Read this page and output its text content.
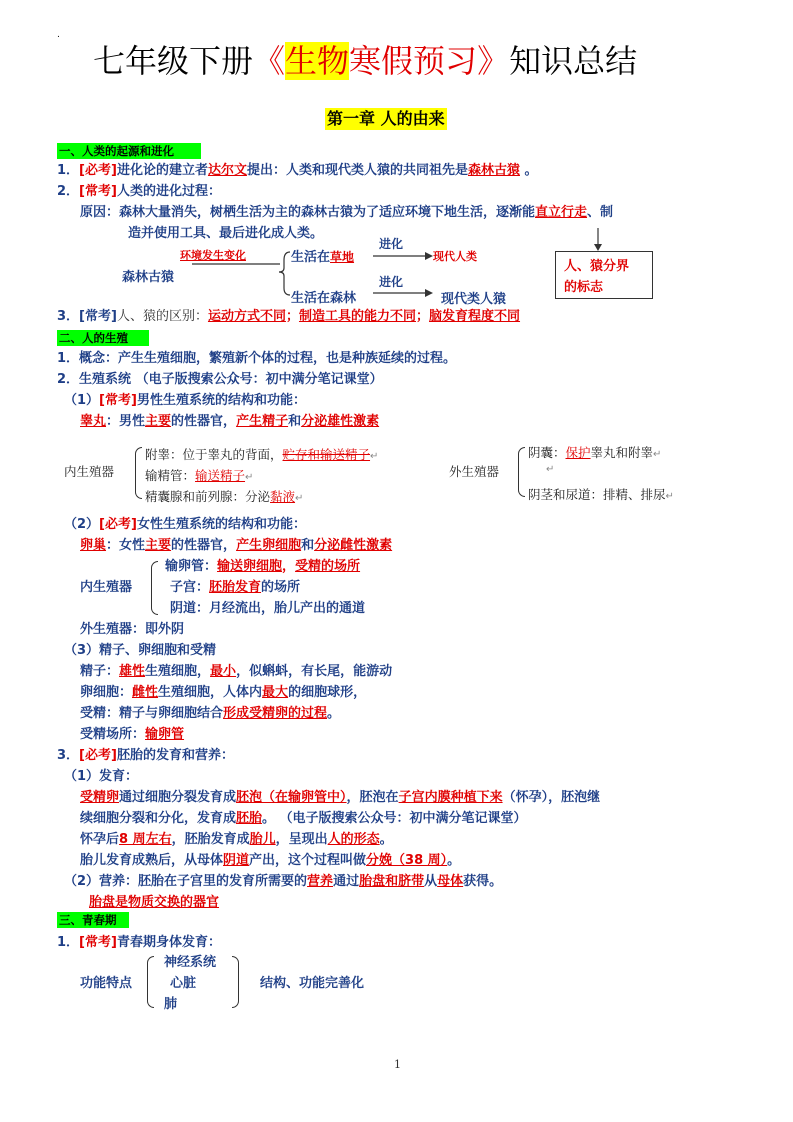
.
七年级下册《生物寒假预习》知识总结
第一章 人的由来
一、人类的起源和进化
1．[必考]进化论的建立者达尔文提出：人类和现代类人猿的共同祖先是森林古猿 。
2．[常考]人类的进化过程：
原因：森林大量消失，树栖生活为主的森林古猿为了适应环境下地生活，逐渐能直立行走、制
造并使用工具、最后进化成人类。
环境发生变化
森林古猿
生活在草地
进化
现代人类
进化
生活在森林	现代类人猿
人、猿分界
的标志
3．[常考]人、猿的区别：运动方式不同；制造工具的能力不同；脑发育程度不同
二、人的生殖
1．概念：产生生殖细胞，繁殖新个体的过程，也是种族延续的过程。
2．生殖系统 （电子版搜索公众号：初中满分笔记课堂）
（1）[常考]男性生殖系统的结构和功能：
睾丸：男性主要的性器官，产生精子和分泌雄性激素
内生殖器
附睾：位于睾丸的背面，贮存和输送精子↵
输精管：输送精子↵
精囊腺和前列腺：分泌黏液↵
外生殖器
阴囊：保护睾丸和附睾↵
↵
阴茎和尿道：排精、排尿↵
（2）[必考]女性生殖系统的结构和功能：
卵巢：女性主要的性器官，产生卵细胞和分泌雌性激素
内生殖器
输卵管：输送卵细胞，受精的场所
子宫：胚胎发育的场所
阴道：月经流出，胎儿产出的通道
外生殖器：即外阴
（3）精子、卵细胞和受精
精子：雄性生殖细胞，最小，似蝌蚪，有长尾，能游动
卵细胞：雌性生殖细胞，人体内最大的细胞球形，
受精：精子与卵细胞结合形成受精卵的过程。
受精场所：输卵管
3．[必考]胚胎的发育和营养：
（1）发育：
受精卵通过细胞分裂发育成胚泡（在输卵管中），胚泡在子宫内膜种植下来（怀孕），胚泡继
续细胞分裂和分化，发育成胚胎。 （电子版搜索公众号：初中满分笔记课堂）
怀孕后8 周左右，胚胎发育成胎儿，呈现出人的形态。
胎儿发育成熟后，从母体阴道产出，这个过程叫做分娩（38 周）。
（2）营养：胚胎在子宫里的发育所需要的营养通过胎盘和脐带从母体获得。
胎盘是物质交换的器官
三、青春期
1．[常考]青春期身体发育：
功能特点
神经系统
心脏
肺
结构、功能完善化
1
